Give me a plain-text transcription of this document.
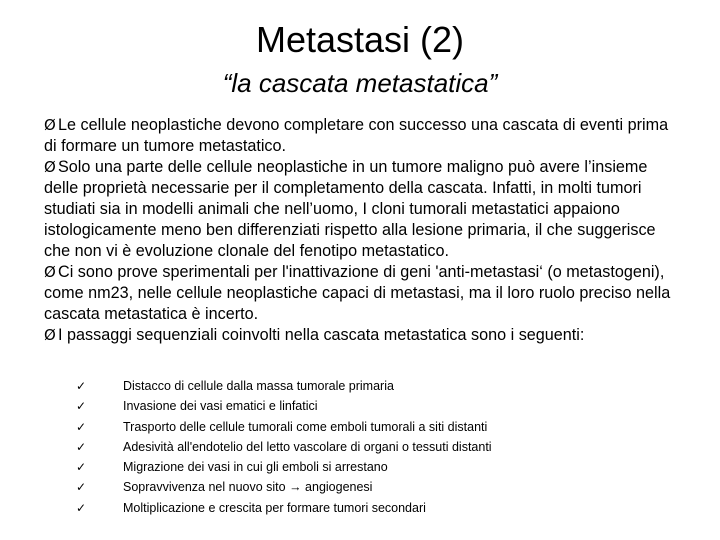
Metastasi (2)
“la cascata metastatica”

Ø Le cellule neoplastiche devono completare con successo una cascata di eventi prima di formare un tumore metastatico.

Ø Solo una parte delle cellule neoplastiche in un tumore maligno può avere l’insieme delle proprietà necessarie per il completamento della cascata. Infatti, in molti tumori studiati sia in modelli animali che nell’uomo, I cloni tumorali metastatici appaiono istologicamente meno ben differenziati rispetto alla lesione primaria, il che suggerisce che non vi è evoluzione clonale del fenotipo metastatico.

Ø Ci sono prove sperimentali per l'inattivazione di geni 'anti-metastasi‘ (o metastogeni), come nm23, nelle cellule neoplastiche capaci di metastasi, ma il loro ruolo preciso nella cascata metastatica è incerto.

Ø I passaggi sequenziali coinvolti nella cascata metastatica sono i seguenti:

✓	Distacco di cellule dalla massa tumorale primaria
✓	Invasione dei vasi ematici e linfatici
✓	Trasporto delle cellule tumorali come emboli tumorali a siti distanti
✓	Adesività all'endotelio del letto vascolare di organi o tessuti distanti
✓	Migrazione dei vasi in cui gli emboli si arrestano
✓	Sopravvivenza nel nuovo sito → angiogenesi
✓	Moltiplicazione e crescita per formare tumori secondari
